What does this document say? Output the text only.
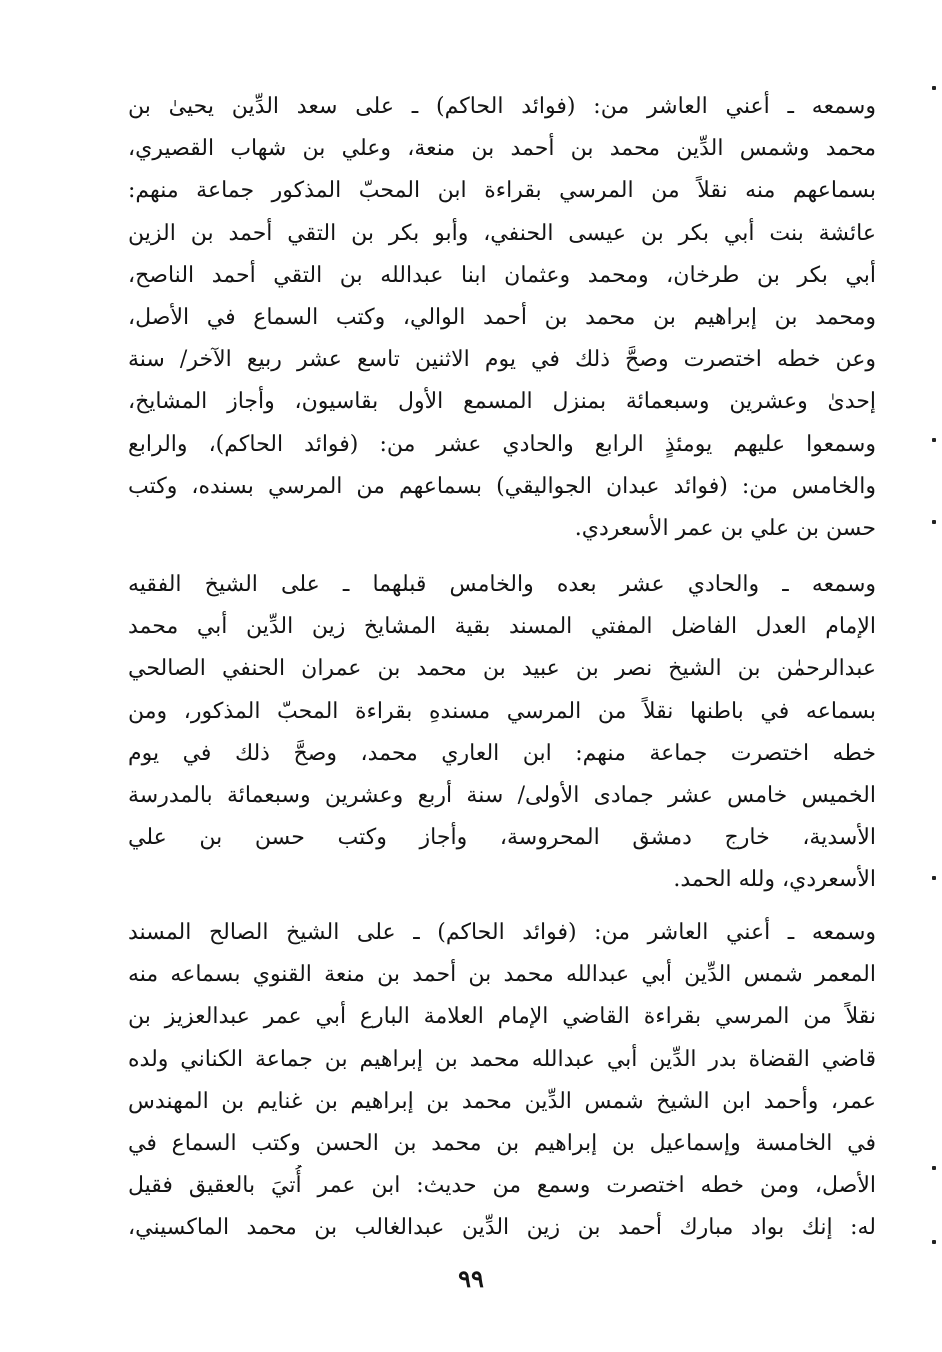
وسمعه ـ أعني العاشر من: (فوائد الحاكم) ـ على سعد الدِّين يحيىٰ بن
محمد وشمس الدِّين محمد بن أحمد بن منعة، وعلي بن شهاب القصيري،
بسماعهم منه نقلاً من المرسي بقراءة ابن المحبّ المذكور جماعة منهم:
عائشة بنت أبي بكر بن عيسى الحنفي، وأبو بكر بن التقي أحمد بن الزين
أبي بكر بن طرخان، ومحمد وعثمان ابنا عبدالله بن التقي أحمد الناصح،
ومحمد بن إبراهيم بن محمد بن أحمد الوالي، وكتب السماع في الأصل،
وعن خطه اختصرت وصحَّ ذلك في يوم الاثنين تاسع عشر ربيع الآخر/ سنة
إحدىٰ وعشرين وسبعمائة بمنزل المسمع الأول بقاسيون، وأجاز المشايخ،
وسمعوا عليهم يومئذٍ الرابع والحادي عشر من: (فوائد الحاكم)، والرابع
والخامس من: (فوائد عبدان الجواليقي) بسماعهم من المرسي بسنده، وكتب
حسن بن علي بن عمر الأسعردي.
وسمعه ـ والحادي عشر بعده والخامس قبلهما ـ على الشيخ الفقيه
الإمام العدل الفاضل المفتي المسند بقية المشايخ زين الدِّين أبي محمد
عبدالرحمٰن بن الشيخ نصر بن عبيد بن محمد بن عمران الحنفي الصالحي
بسماعه في باطنها نقلاً من المرسي مسندهِ بقراءة المحبّ المذكور، ومن
خطه اختصرت جماعة منهم: ابن العاري محمد، وصحَّ ذلك في يوم
الخميس خامس عشر جمادى الأولى/ سنة أربع وعشرين وسبعمائة بالمدرسة
الأسدية، خارج دمشق المحروسة، وأجاز وكتب حسن بن علي
الأسعردي، ولله الحمد.
وسمعه ـ أعني العاشر من: (فوائد الحاكم) ـ على الشيخ الصالح المسند
المعمر شمس الدِّين أبي عبدالله محمد بن أحمد بن منعة القنوي بسماعه منه
نقلاً من المرسي بقراءة القاضي الإمام العلامة البارع أبي عمر عبدالعزيز بن
قاضي القضاة بدر الدِّين أبي عبدالله محمد بن إبراهيم بن جماعة الكناني ولده
عمر، وأحمد ابن الشيخ شمس الدِّين محمد بن إبراهيم بن غنايم بن المهندس
في الخامسة وإسماعيل بن إبراهيم بن محمد بن الحسن وكتب السماع في
الأصل، ومن خطه اختصرت وسمع من حديث: ابن عمر أُتيَ بالعقيق فقيل
له: إنك بواد مبارك أحمد بن زين الدِّين عبدالغالب بن محمد الماكسيني،
٩٩
